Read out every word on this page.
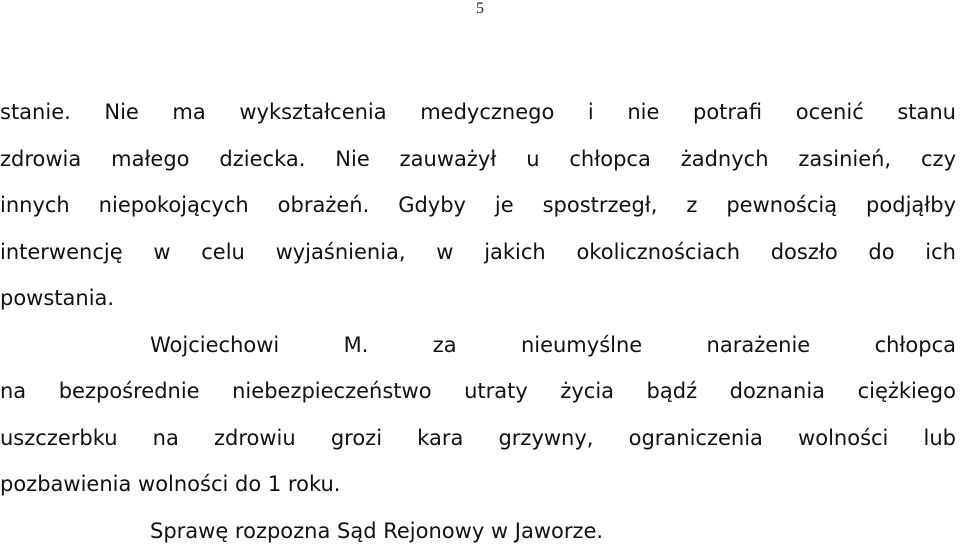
5
stanie. Nie ma wykształcenia medycznego i nie potrafi ocenić stanu
zdrowia małego dziecka. Nie zauważył u chłopca żadnych zasinień, czy
innych niepokojących obrażeń. Gdyby je spostrzegł, z pewnością podjąłby
interwencję w celu wyjaśnienia, w jakich okolicznościach doszło do ich
powstania.
Wojciechowi M. za nieumyślne narażenie chłopca
na bezpośrednie niebezpieczeństwo utraty życia bądź doznania ciężkiego
uszczerbku na zdrowiu grozi kara grzywny, ograniczenia wolności lub
pozbawienia wolności do 1 roku.
Sprawę rozpozna Sąd Rejonowy w Jaworze.
